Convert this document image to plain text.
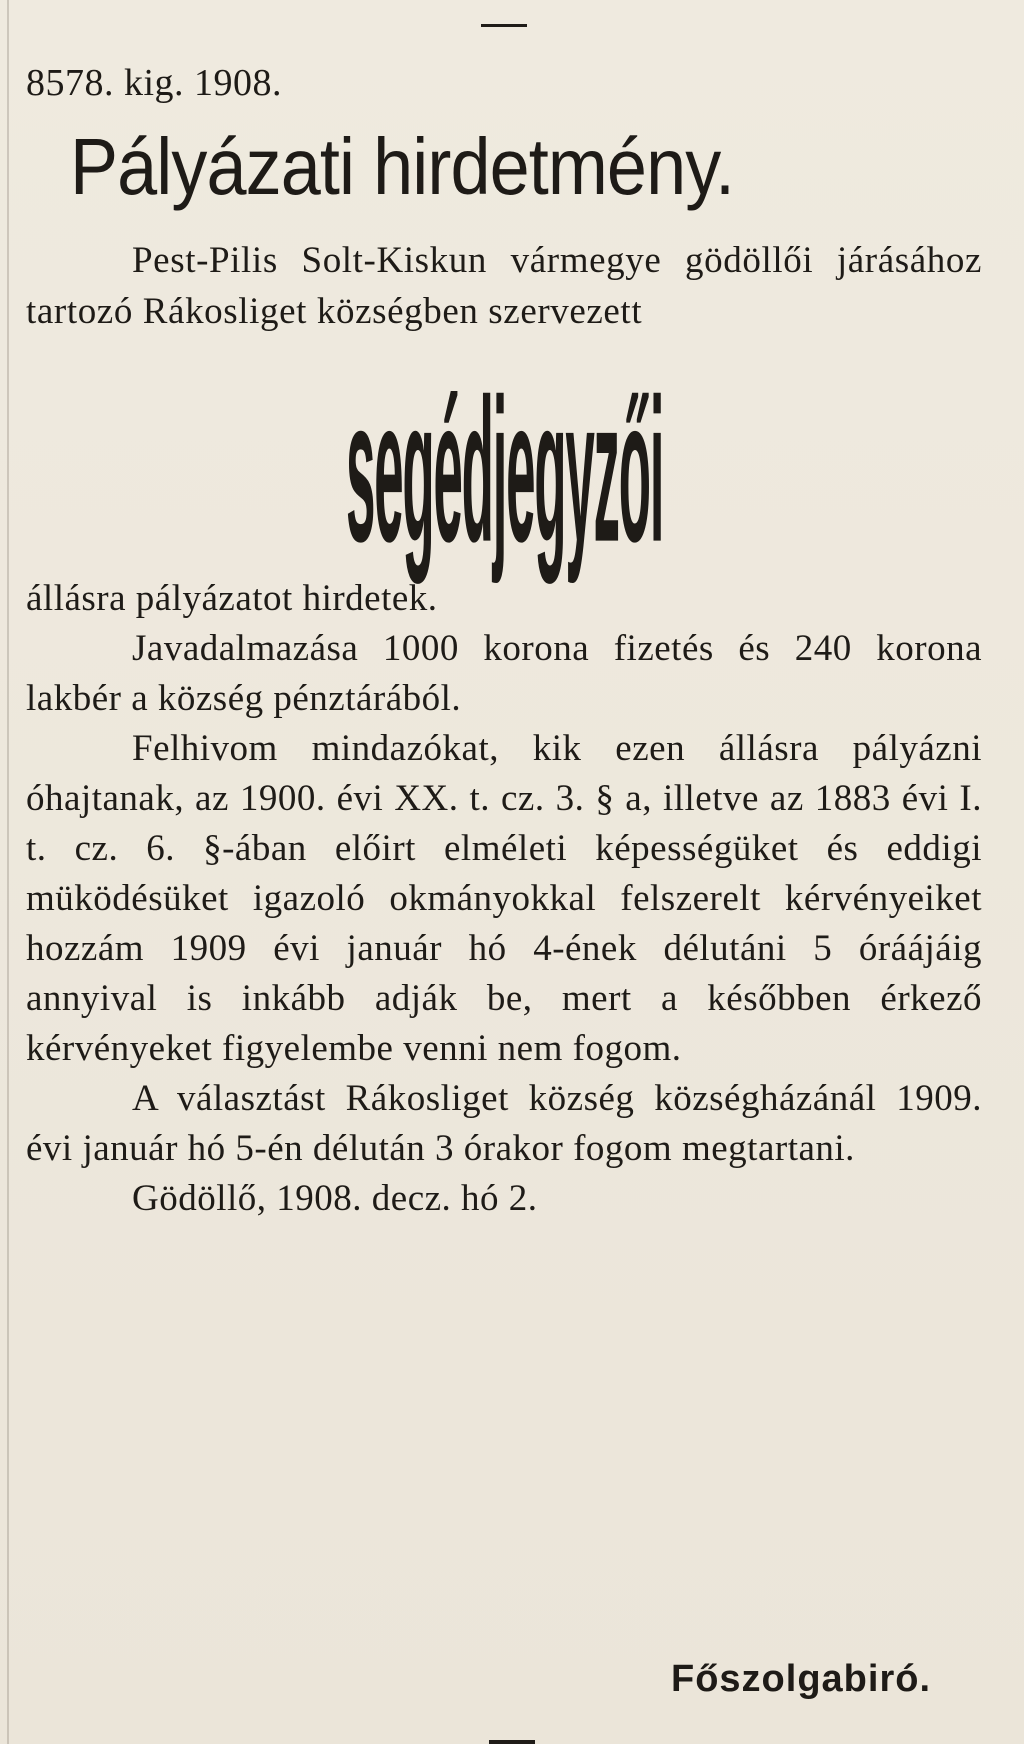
8578. kig. 1908.
Pályázati hirdetmény.
Pest-Pilis Solt-Kiskun vármegye gödöllői járásához tartozó Rákosliget községben szervezett
segédjegyzői

állásra pályázatot hirdetek.

Javadalmazása 1000 korona fizetés és 240 korona lakbér a község pénztárából.

Felhivom mindazókat, kik ezen állásra pályázni óhajtanak, az 1900. évi XX. t. cz. 3. § a, illetve az 1883 évi I. t. cz. 6. §-ában előirt elméleti képességüket és eddigi müködésüket igazoló okmányokkal felszerelt kérvényeiket hozzám 1909 évi január hó 4-ének délutáni 5 óráájáig annyival is inkább adják be, mert a későbben érkező kérvényeket figyelembe venni nem fogom.

A választást Rákosliget község községházánál 1909. évi január hó 5-én délután 3 órakor fogom megtartani.

Gödöllő, 1908. decz. hó 2.

Főszolgabiró.
